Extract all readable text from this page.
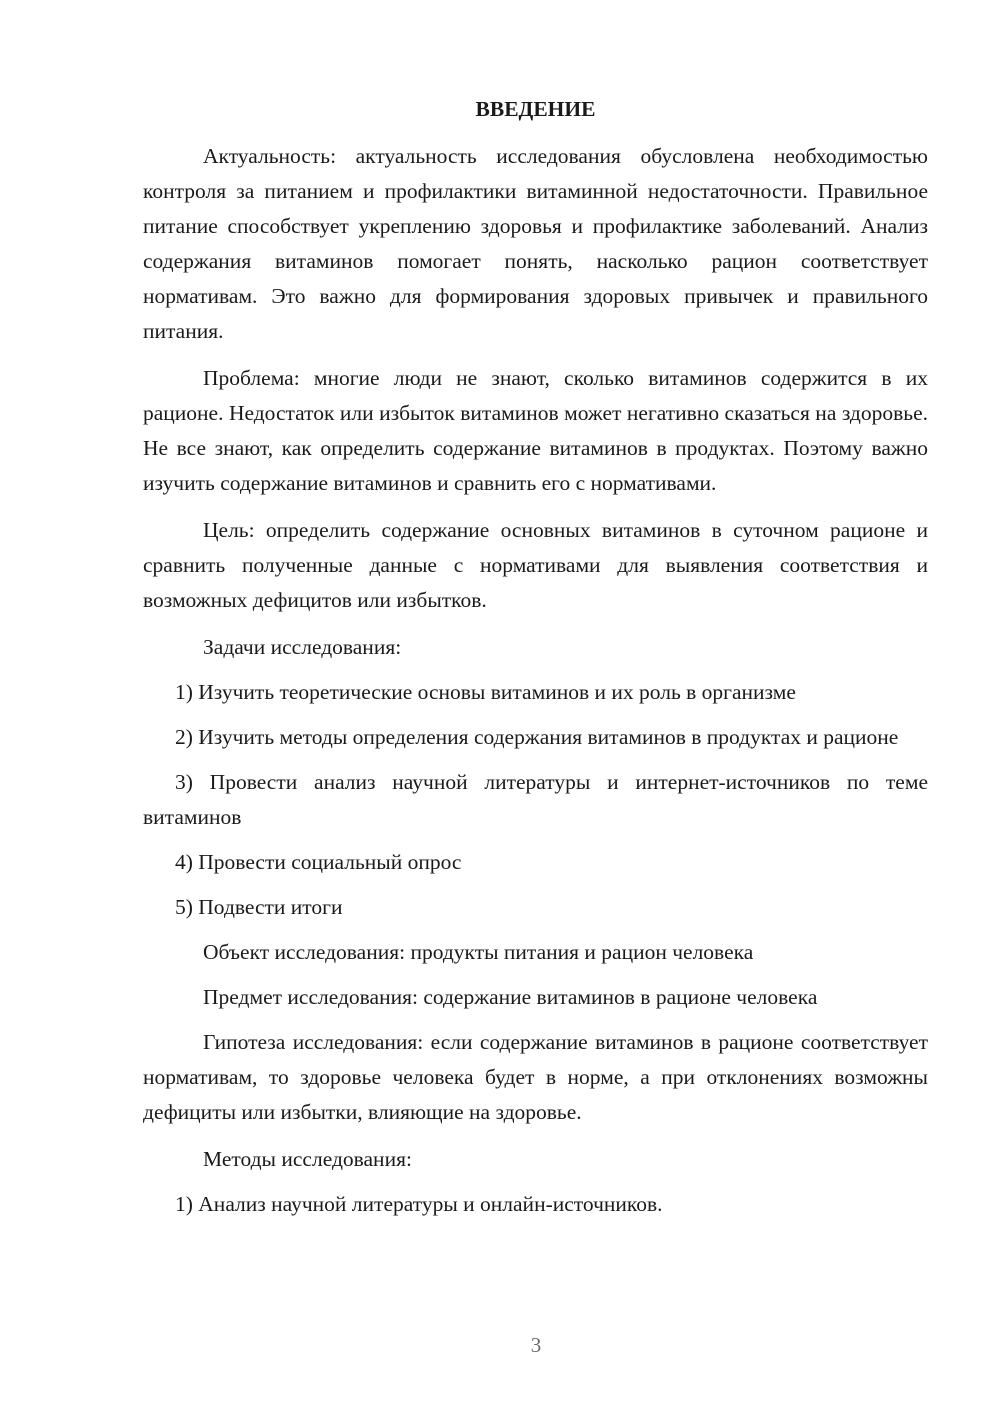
ВВЕДЕНИЕ

Актуальность: актуальность исследования обусловлена необходимостью контроля за питанием и профилактики витаминной недостаточности. Правильное питание способствует укреплению здоровья и профилактике заболеваний. Анализ содержания витаминов помогает понять, насколько рацион соответствует нормативам. Это важно для формирования здоровых привычек и правильного питания.

Проблема: многие люди не знают, сколько витаминов содержится в их рационе. Недостаток или избыток витаминов может негативно сказаться на здоровье. Не все знают, как определить содержание витаминов в продуктах. Поэтому важно изучить содержание витаминов и сравнить его с нормативами.

Цель: определить содержание основных витаминов в суточном рационе и сравнить полученные данные с нормативами для выявления соответствия и возможных дефицитов или избытков.

Задачи исследования:

1) Изучить теоретические основы витаминов и их роль в организме

2) Изучить методы определения содержания витаминов в продуктах и рационе

3) Провести анализ научной литературы и интернет-источников по теме витаминов

4) Провести социальный опрос

5) Подвести итоги

Объект исследования: продукты питания и рацион человека

Предмет исследования: содержание витаминов в рационе человека

Гипотеза исследования: если содержание витаминов в рационе соответствует нормативам, то здоровье человека будет в норме, а при отклонениях возможны дефициты или избытки, влияющие на здоровье.

Методы исследования:

1) Анализ научной литературы и онлайн-источников.

3
